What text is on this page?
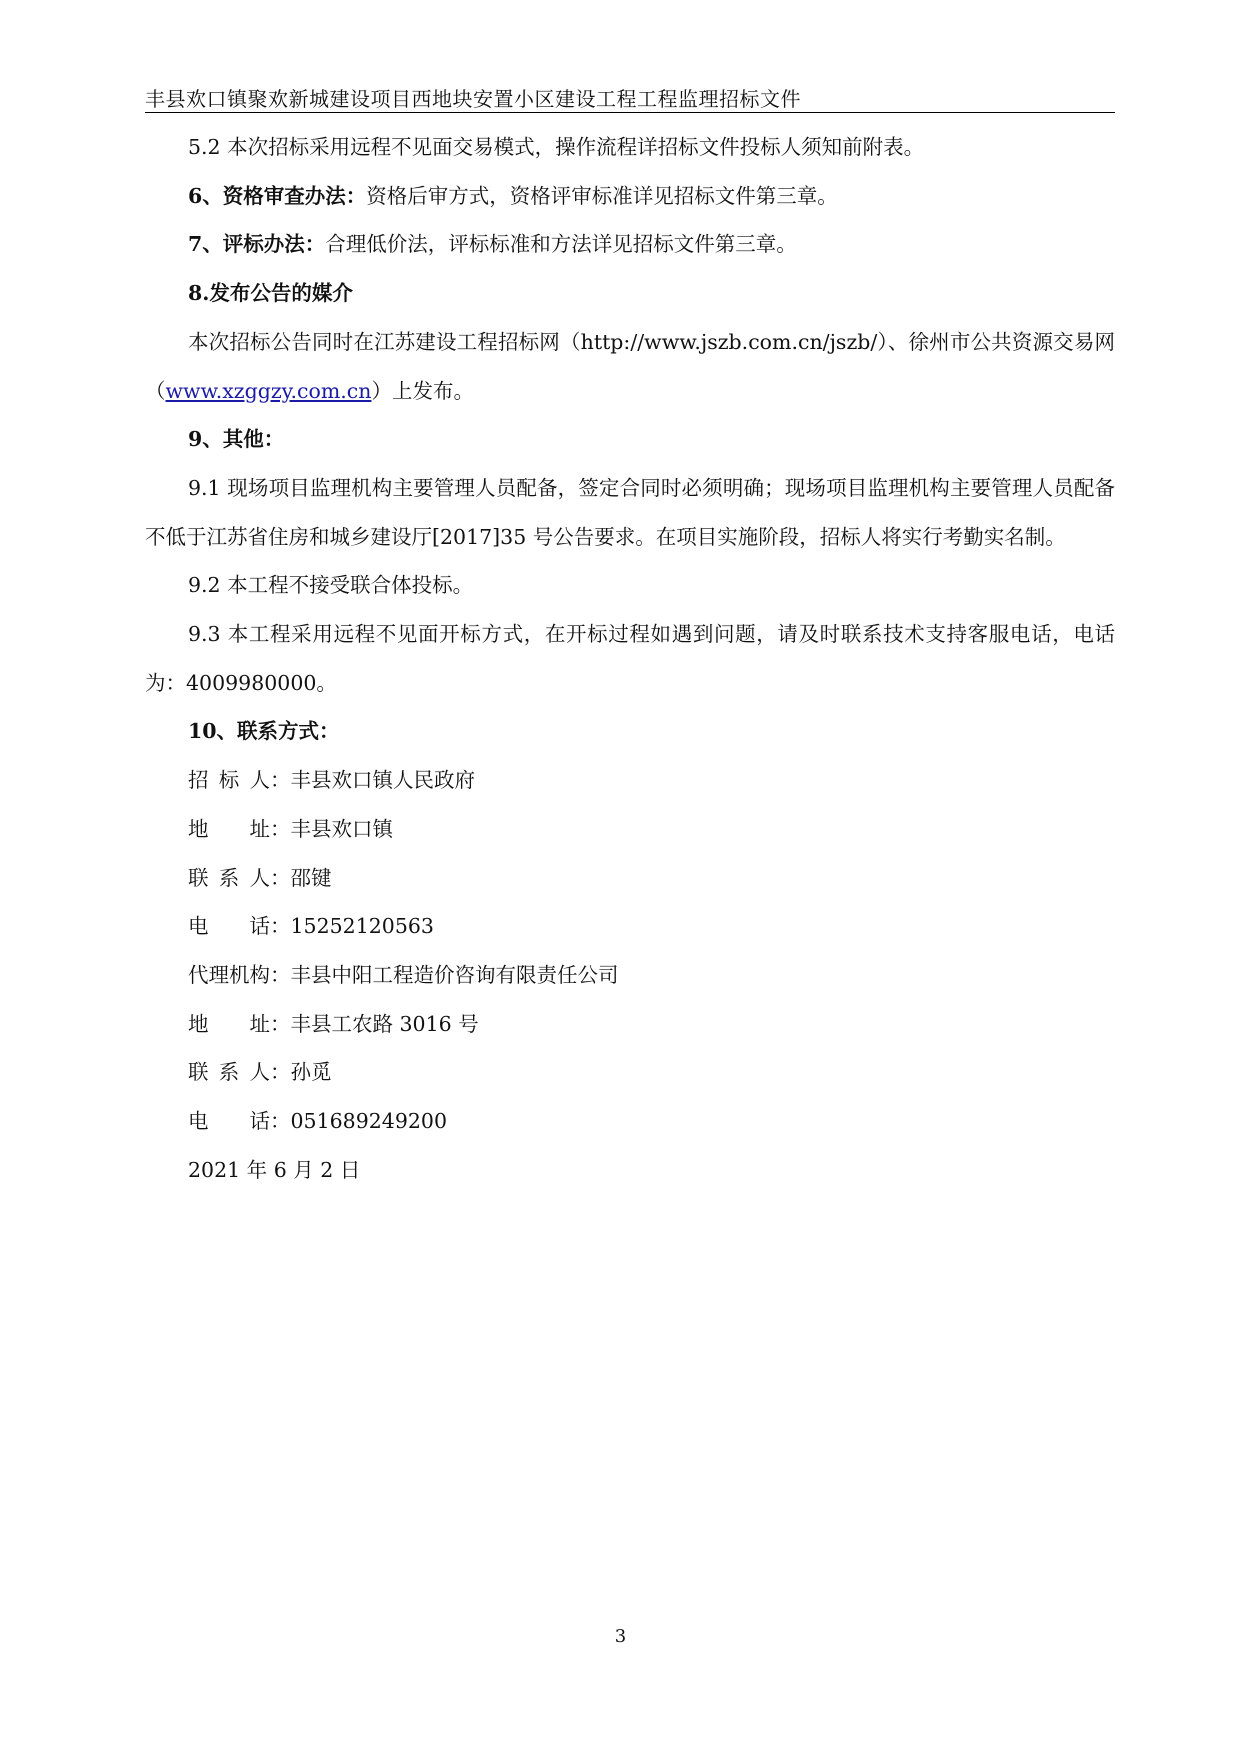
丰县欢口镇聚欢新城建设项目西地块安置小区建设工程工程监理招标文件

5.2 本次招标采用远程不见面交易模式，操作流程详招标文件投标人须知前附表。

6、资格审查办法：资格后审方式，资格评审标准详见招标文件第三章。

7、评标办法：合理低价法，评标标准和方法详见招标文件第三章。

8.发布公告的媒介

本次招标公告同时在江苏建设工程招标网（http://www.jszb.com.cn/jszb/）、徐州市公共资源交易网（www.xzggzy.com.cn）上发布。

9、其他：

9.1 现场项目监理机构主要管理人员配备，签定合同时必须明确；现场项目监理机构主要管理人员配备不低于江苏省住房和城乡建设厅[2017]35 号公告要求。在项目实施阶段，招标人将实行考勤实名制。

9.2 本工程不接受联合体投标。

9.3 本工程采用远程不见面开标方式，在开标过程如遇到问题，请及时联系技术支持客服电话，电话为：4009980000。

10、联系方式：

招标人：丰县欢口镇人民政府
地址：丰县欢口镇
联系人：邵键
电话：15252120563
代理机构：丰县中阳工程造价咨询有限责任公司
地址：丰县工农路 3016 号
联系人：孙觅
电话：051689249200
2021 年 6 月 2 日
3
